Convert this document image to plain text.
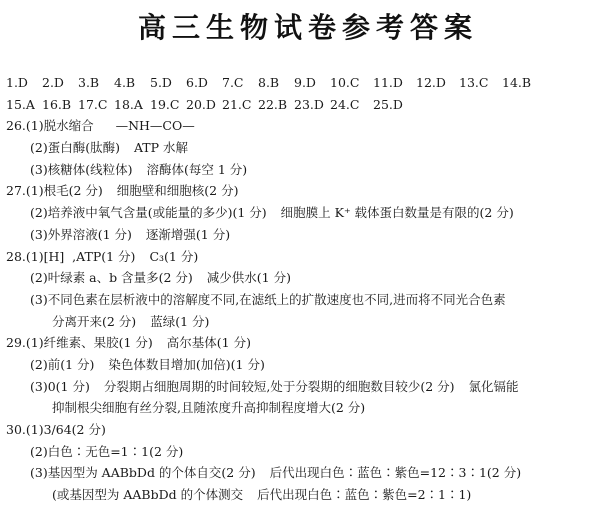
高三生物试卷参考答案
1.D 2.D 3.B 4.B 5.D 6.D 7.C 8.B 9.D 10.C 11.D 12.D 13.C 14.B
15.A 16.B 17.C 18.A 19.C 20.D 21.C 22.B 23.D 24.C 25.D
26.(1)脱水缩合 —NH—CO—
(2)蛋白酶(肽酶) ATP 水解
(3)核糖体(线粒体) 溶酶体(每空 1 分)
27.(1)根毛(2 分) 细胞壁和细胞核(2 分)
(2)培养液中氧气含量(或能量的多少)(1 分) 细胞膜上 K⁺ 载体蛋白数量是有限的(2 分)
(3)外界溶液(1 分) 逐渐增强(1 分)
28.(1)[H]  ,ATP(1 分) C₃(1 分)
(2)叶绿素 a、b 含量多(2 分) 减少供水(1 分)
(3)不同色素在层析液中的溶解度不同,在滤纸上的扩散速度也不同,进而将不同光合色素
分离开来(2 分) 蓝绿(1 分)
29.(1)纤维素、果胶(1 分) 高尔基体(1 分)
(2)前(1 分) 染色体数目增加(加倍)(1 分)
(3)0(1 分) 分裂期占细胞周期的时间较短,处于分裂期的细胞数目较少(2 分) 氯化镉能
抑制根尖细胞有丝分裂,且随浓度升高抑制程度增大(2 分)
30.(1)3/64(2 分)
(2)白色∶无色=1∶1(2 分)
(3)基因型为 AABbDd 的个体自交(2 分) 后代出现白色∶蓝色∶紫色=12∶3∶1(2 分)
(或基因型为 AABbDd 的个体测交 后代出现白色∶蓝色∶紫色=2∶1∶1)
